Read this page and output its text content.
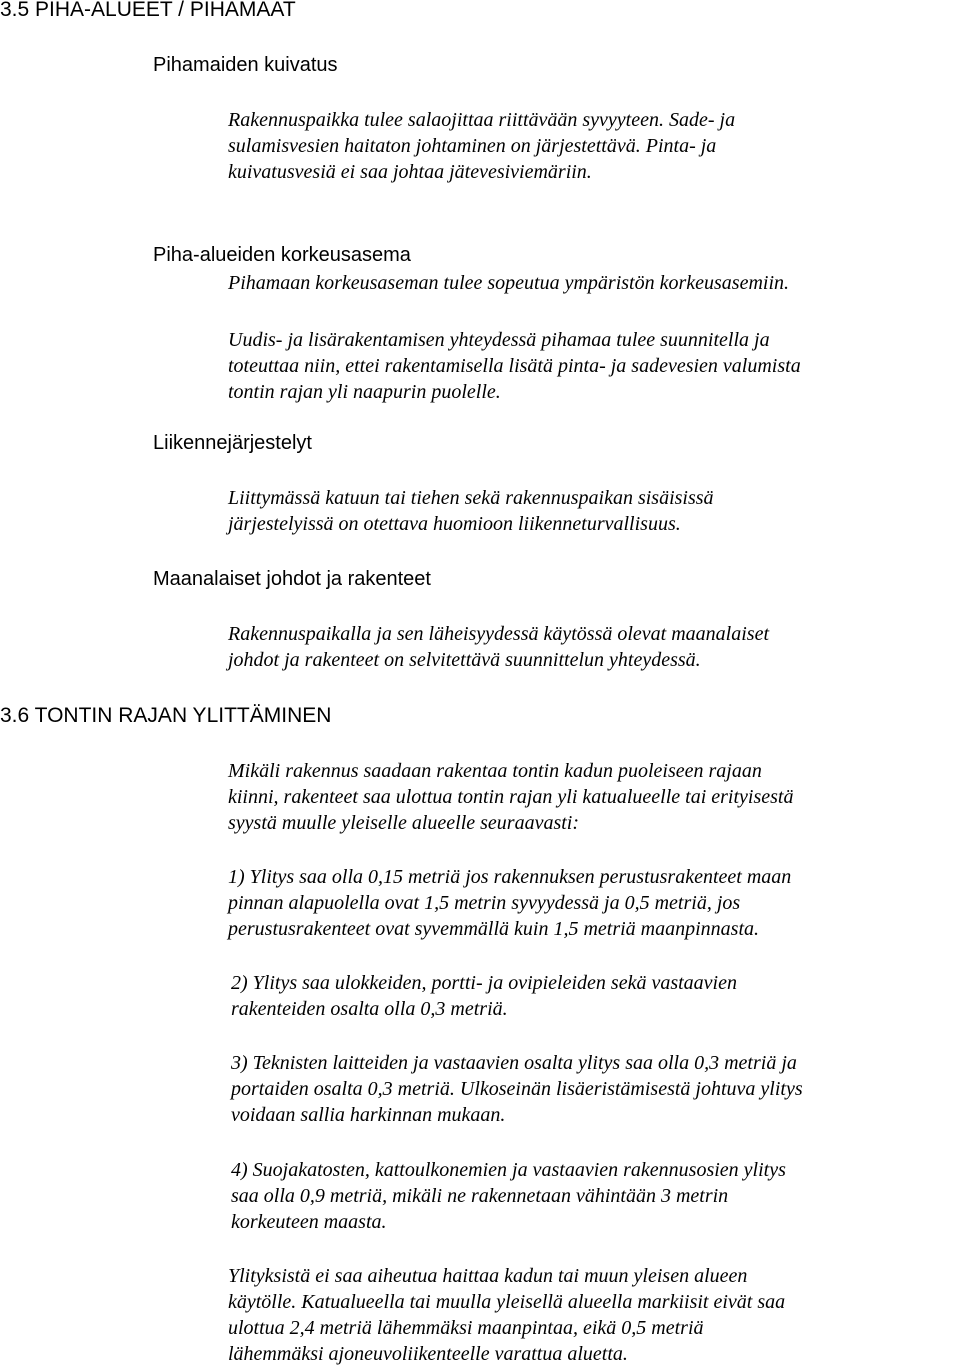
3.5 PIHA-ALUEET / PIHAMAAT
Pihamaiden kuivatus

Rakennuspaikka tulee salaojittaa riittävään syvyyteen. Sade- ja
sulamisvesien haitaton johtaminen on järjestettävä. Pinta- ja
kuivatusvesiä ei saa johtaa jätevesiviemäriin.

Piha-alueiden korkeusasema

Pihamaan korkeusaseman tulee sopeutua ympäristön korkeusasemiin.

Uudis- ja lisärakentamisen yhteydessä pihamaa tulee suunnitella ja
toteuttaa niin, ettei rakentamisella lisätä pinta- ja sadevesien valumista
tontin rajan yli naapurin puolelle.

Liikennejärjestelyt

Liittymässä katuun tai tiehen sekä rakennuspaikan sisäisissä
järjestelyissä on otettava huomioon liikenneturvallisuus.

Maanalaiset johdot ja rakenteet

Rakennuspaikalla ja sen läheisyydessä käytössä olevat maanalaiset
johdot ja rakenteet on selvitettävä suunnittelun yhteydessä.

3.6 TONTIN RAJAN YLITTÄMINEN

Mikäli rakennus saadaan rakentaa tontin kadun puoleiseen rajaan
kiinni, rakenteet saa ulottua tontin rajan yli katualueelle tai erityisestä
syystä muulle yleiselle alueelle seuraavasti:

1) Ylitys saa olla 0,15 metriä jos rakennuksen perustusrakenteet maan
pinnan alapuolella ovat 1,5 metrin syvyydessä ja 0,5 metriä, jos
perustusrakenteet ovat syvemmällä kuin 1,5 metriä maanpinnasta.

2) Ylitys saa ulokkeiden, portti- ja ovipieleiden sekä vastaavien
rakenteiden osalta olla 0,3 metriä.

3) Teknisten laitteiden ja vastaavien osalta ylitys saa olla 0,3 metriä ja
portaiden osalta 0,3 metriä. Ulkoseinän lisäeristämisestä johtuva ylitys
voidaan sallia harkinnan mukaan.

4) Suojakatosten, kattoulkonemien ja vastaavien rakennusosien ylitys
saa olla 0,9 metriä, mikäli ne rakennetaan vähintään 3 metrin
korkeuteen maasta.

Ylityksistä ei saa aiheutua haittaa kadun tai muun yleisen alueen
käytölle. Katualueella tai muulla yleisellä alueella markiisit eivät saa
ulottua 2,4 metriä lähemmäksi maanpintaa, eikä 0,5 metriä
lähemmäksi ajoneuvoliikenteelle varattua aluetta.
